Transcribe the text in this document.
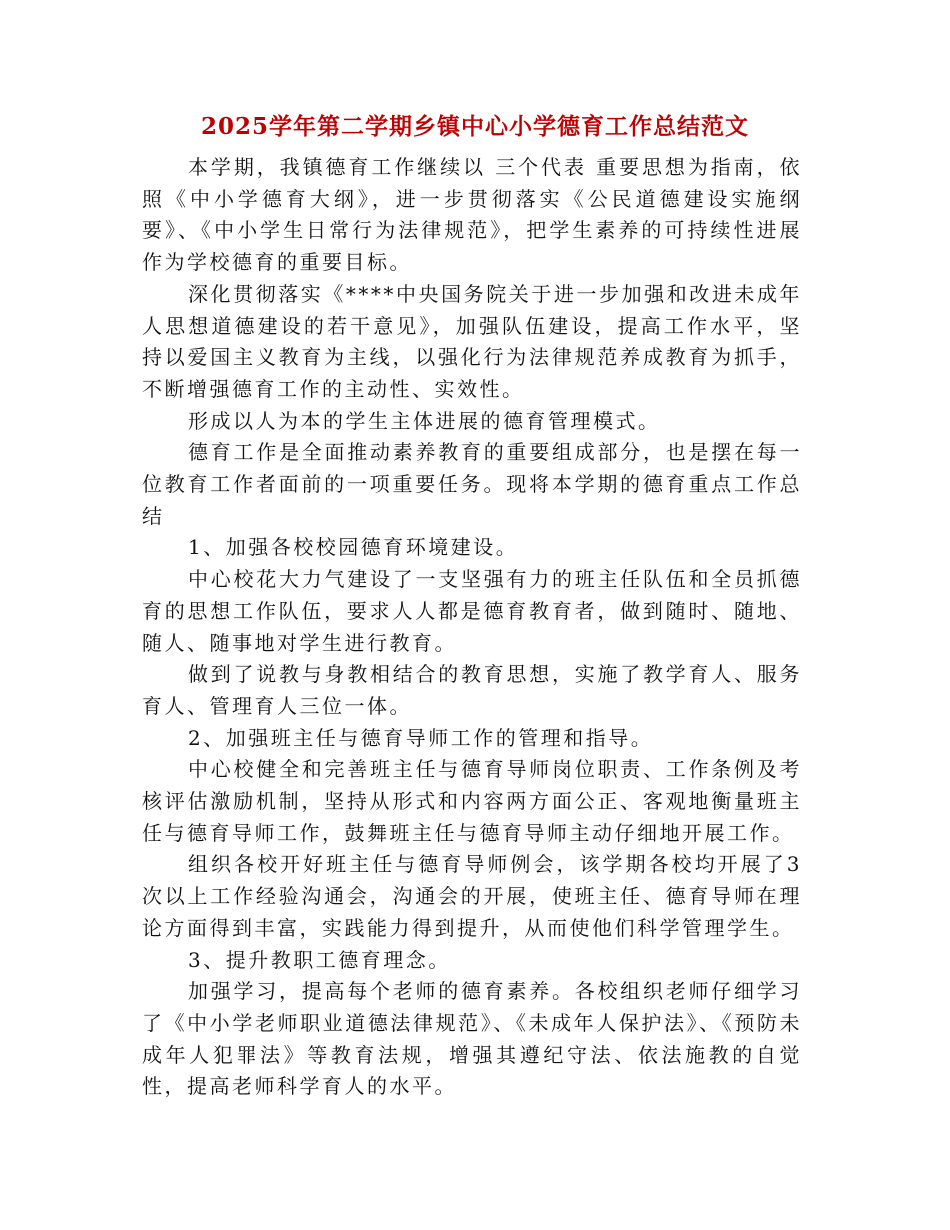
2025学年第二学期乡镇中心小学德育工作总结范文

本学期，我镇德育工作继续以 三个代表 重要思想为指南，依照《中小学德育大纲》，进一步贯彻落实《公民道德建设实施纲要》、《中小学生日常行为法律规范》，把学生素养的可持续性进展作为学校德育的重要目标。

深化贯彻落实《****中央国务院关于进一步加强和改进未成年人思想道德建设的若干意见》，加强队伍建设，提高工作水平，坚持以爱国主义教育为主线，以强化行为法律规范养成教育为抓手，不断增强德育工作的主动性、实效性。

形成以人为本的学生主体进展的德育管理模式。

德育工作是全面推动素养教育的重要组成部分，也是摆在每一位教育工作者面前的一项重要任务。现将本学期的德育重点工作总结

1、加强各校校园德育环境建设。

中心校花大力气建设了一支坚强有力的班主任队伍和全员抓德育的思想工作队伍，要求人人都是德育教育者，做到随时、随地、随人、随事地对学生进行教育。

做到了说教与身教相结合的教育思想，实施了教学育人、服务育人、管理育人三位一体。

2、加强班主任与德育导师工作的管理和指导。

中心校健全和完善班主任与德育导师岗位职责、工作条例及考核评估激励机制，坚持从形式和内容两方面公正、客观地衡量班主任与德育导师工作，鼓舞班主任与德育导师主动仔细地开展工作。

组织各校开好班主任与德育导师例会，该学期各校均开展了3次以上工作经验沟通会，沟通会的开展，使班主任、德育导师在理论方面得到丰富，实践能力得到提升，从而使他们科学管理学生。

3、提升教职工德育理念。

加强学习，提高每个老师的德育素养。各校组织老师仔细学习了《中小学老师职业道德法律规范》、《未成年人保护法》、《预防未成年人犯罪法》等教育法规，增强其遵纪守法、依法施教的自觉性，提高老师科学育人的水平。
